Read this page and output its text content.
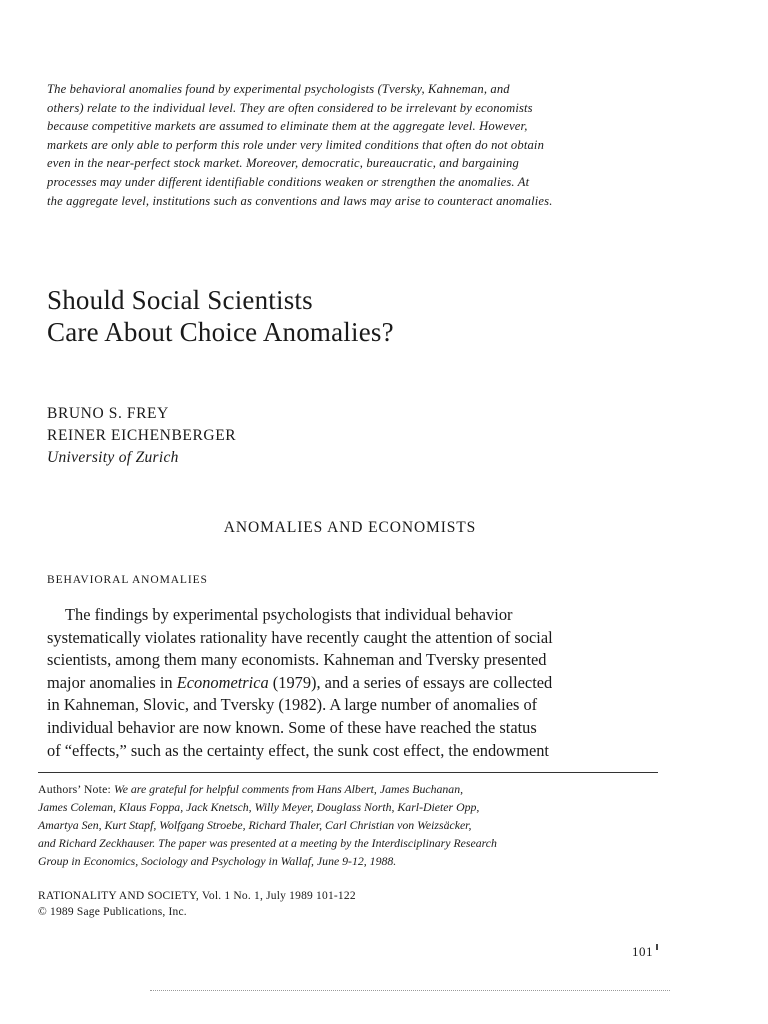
The behavioral anomalies found by experimental psychologists (Tversky, Kahneman, and
others) relate to the individual level. They are often considered to be irrelevant by economists
because competitive markets are assumed to eliminate them at the aggregate level. However,
markets are only able to perform this role under very limited conditions that often do not obtain
even in the near-perfect stock market. Moreover, democratic, bureaucratic, and bargaining
processes may under different identifiable conditions weaken or strengthen the anomalies. At
the aggregate level, institutions such as conventions and laws may arise to counteract anomalies.
Should Social Scientists
Care About Choice Anomalies?
BRUNO S. FREY
REINER EICHENBERGER
University of Zurich
ANOMALIES AND ECONOMISTS
BEHAVIORAL ANOMALIES
The findings by experimental psychologists that individual behavior
systematically violates rationality have recently caught the attention of social
scientists, among them many economists. Kahneman and Tversky presented
major anomalies in Econometrica (1979), and a series of essays are collected
in Kahneman, Slovic, and Tversky (1982). A large number of anomalies of
individual behavior are now known. Some of these have reached the status
of “effects,” such as the certainty effect, the sunk cost effect, the endowment
Authors’ Note: We are grateful for helpful comments from Hans Albert, James Buchanan,
James Coleman, Klaus Foppa, Jack Knetsch, Willy Meyer, Douglass North, Karl-Dieter Opp,
Amartya Sen, Kurt Stapf, Wolfgang Stroebe, Richard Thaler, Carl Christian von Weizsäcker,
and Richard Zeckhauser. The paper was presented at a meeting by the Interdisciplinary Research
Group in Economics, Sociology and Psychology in Wallaf, June 9-12, 1988.
RATIONALITY AND SOCIETY, Vol. 1 No. 1, July 1989 101-122
© 1989 Sage Publications, Inc.
101
